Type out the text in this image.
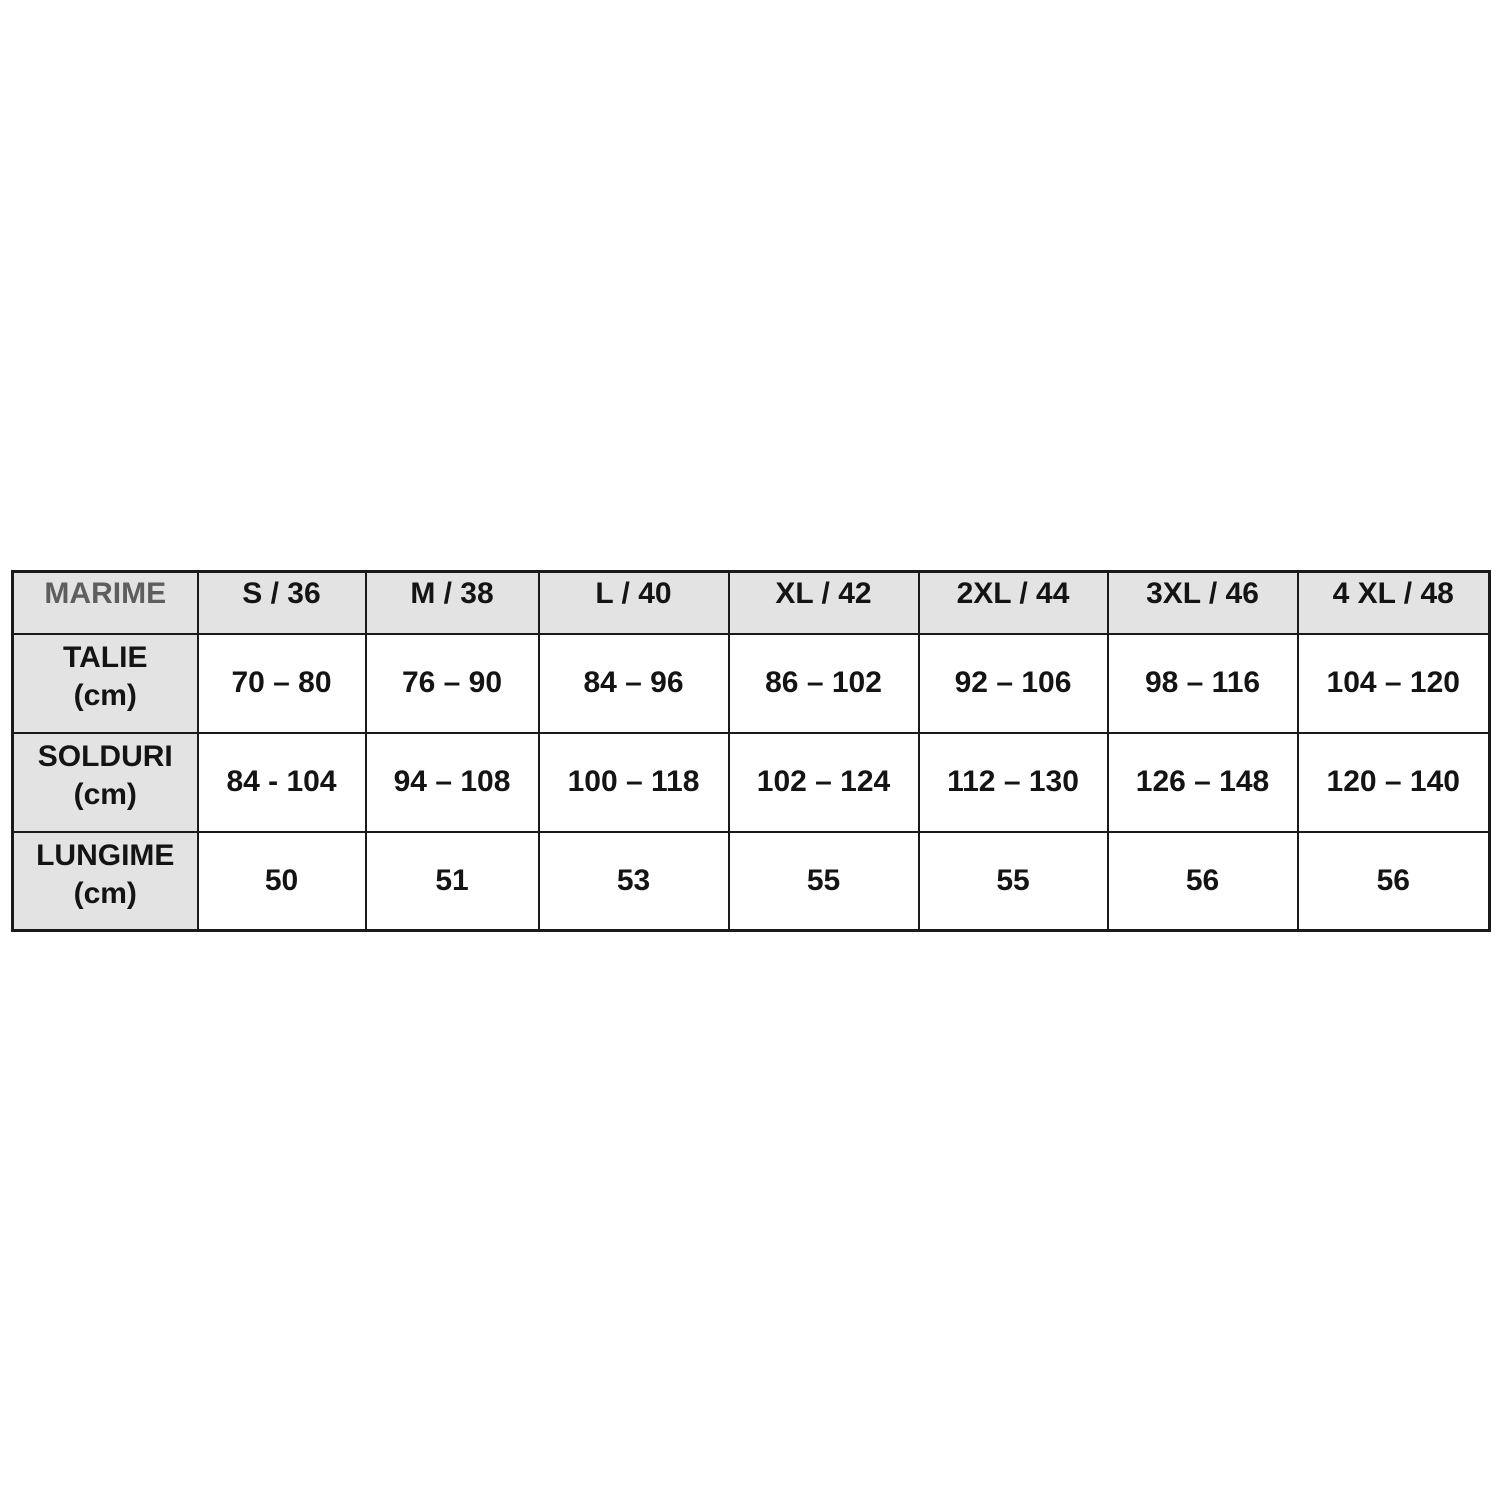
MARIME	S / 36	M / 38	L / 40	XL / 42	2XL / 44	3XL / 46	4 XL / 48

TALIE
(cm)	70 – 80	76 – 90	84 – 96	86 – 102	92 – 106	98 – 116	104 – 120

SOLDURI
(cm)	84 - 104	94 – 108	100 – 118	102 – 124	112 – 130	126 – 148	120 – 140

LUNGIME
(cm)	50	51	53	55	55	56	56
